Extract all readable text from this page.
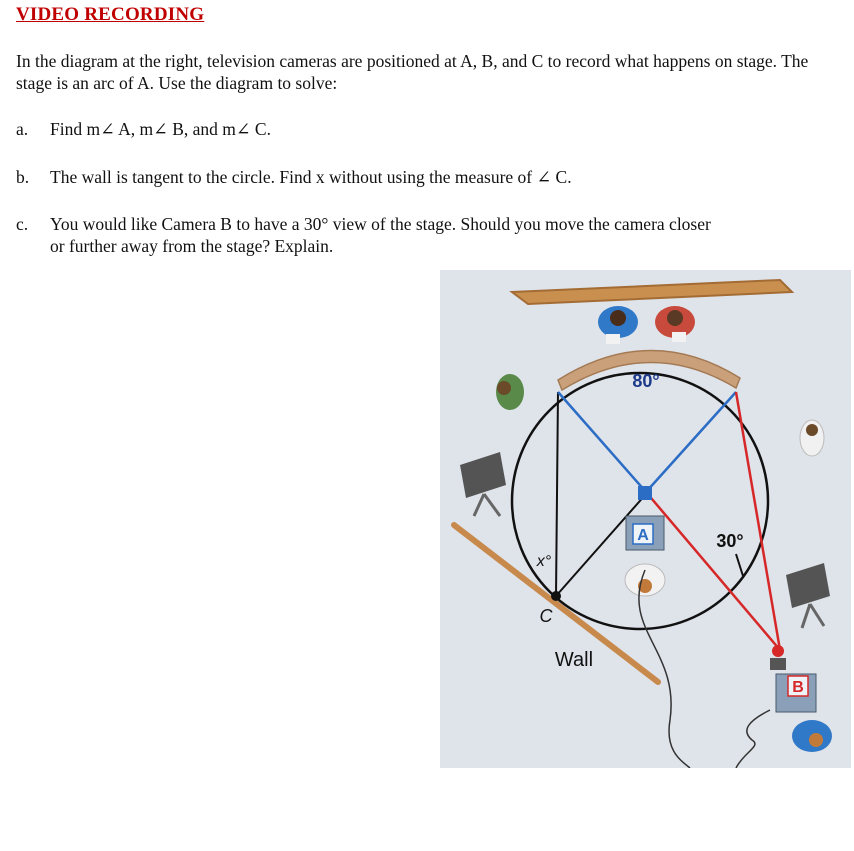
VIDEO RECORDING
In the diagram at the right, television cameras are positioned at A, B, and C to record what happens on stage. The stage is an arc of A. Use the diagram to solve:
a. Find m∠ A, m∠ B, and m∠ C.
b. The wall is tangent to the circle. Find x without using the measure of ∠ C.
c. You would like Camera B to have a 30° view of the stage. Should you move the camera closer
or further away from the stage? Explain.
A
B
80°
30°
x°
C
Wall
